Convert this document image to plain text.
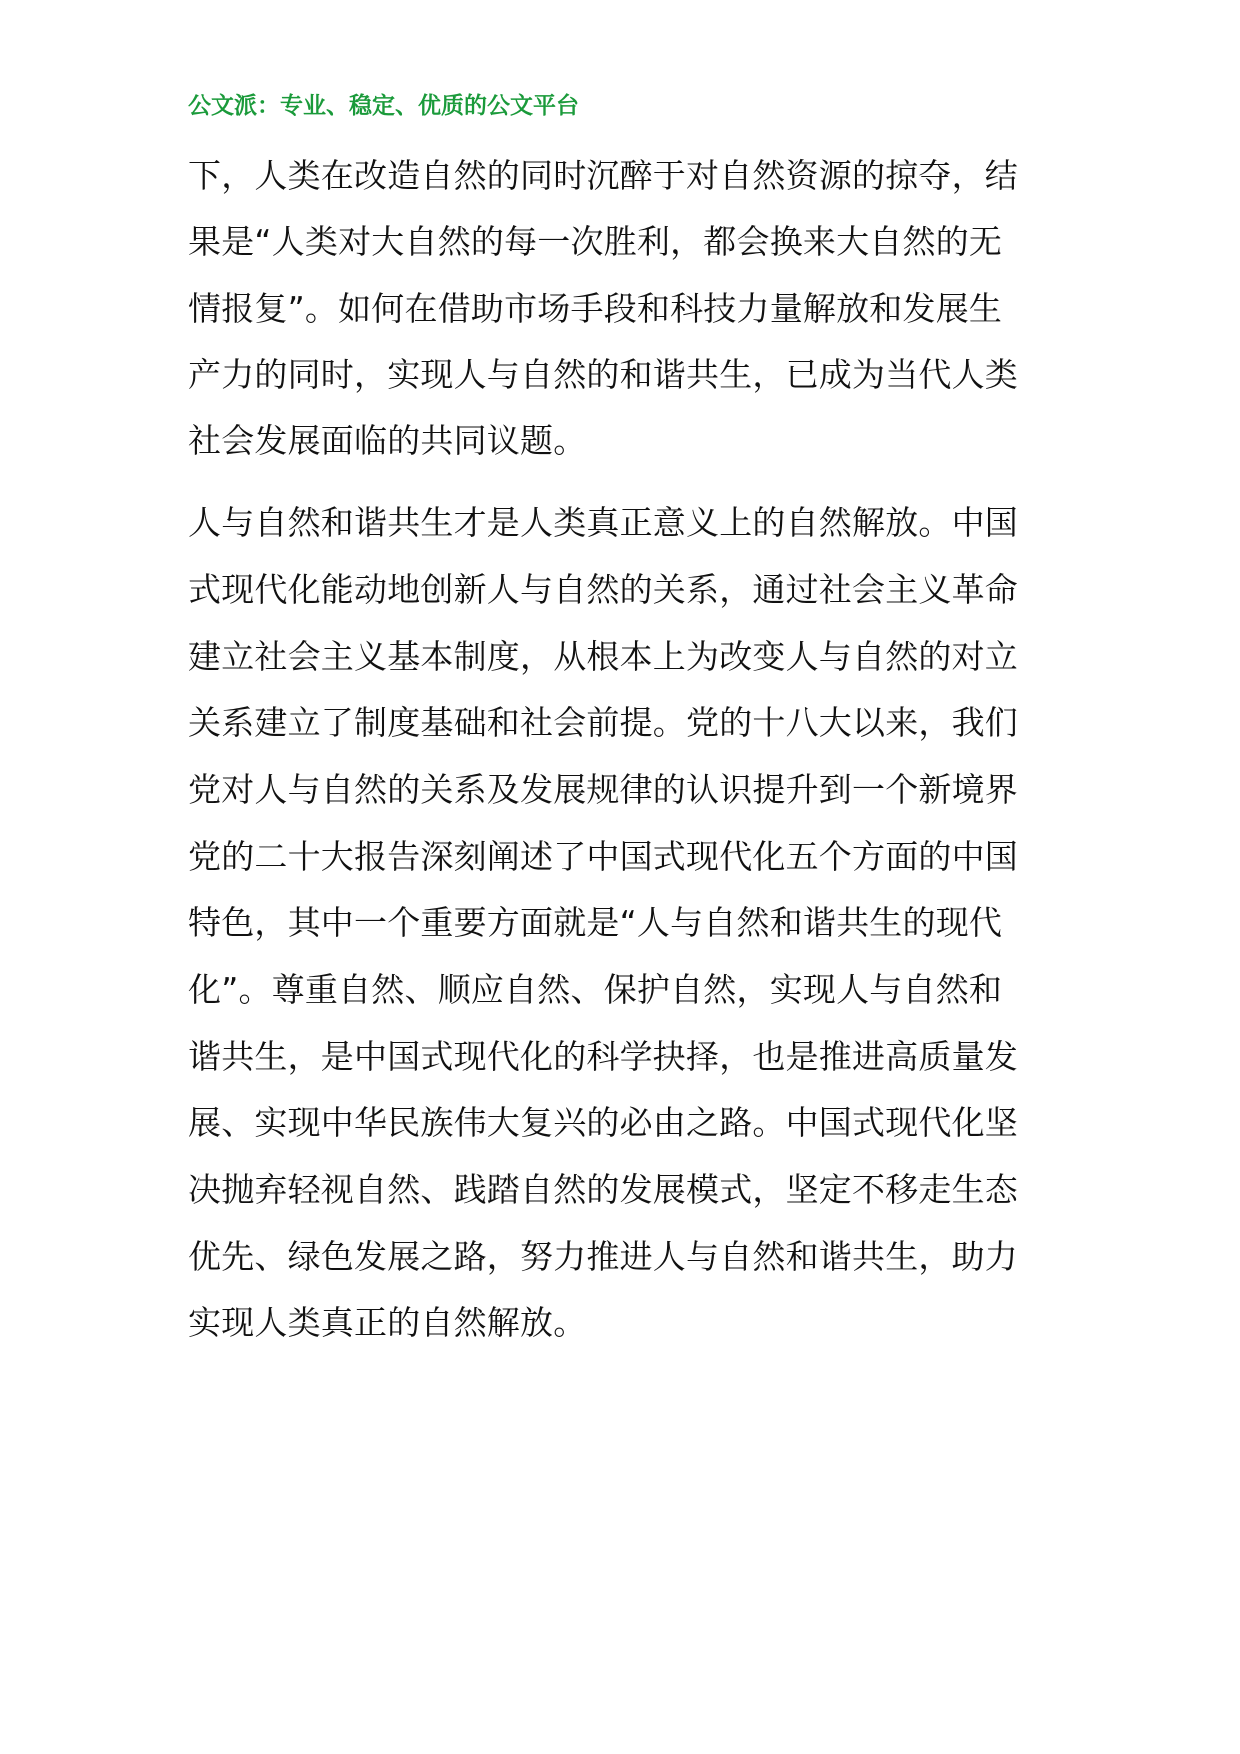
公文派：专业、稳定、优质的公文平台
下，人类在改造自然的同时沉醉于对自然资源的掠夺，结
果是“人类对大自然的每一次胜利，都会换来大自然的无
情报复”。如何在借助市场手段和科技力量解放和发展生
产力的同时，实现人与自然的和谐共生，已成为当代人类
社会发展面临的共同议题。
人与自然和谐共生才是人类真正意义上的自然解放。中国
式现代化能动地创新人与自然的关系，通过社会主义革命
建立社会主义基本制度，从根本上为改变人与自然的对立
关系建立了制度基础和社会前提。党的十八大以来，我们
党对人与自然的关系及发展规律的认识提升到一个新境界
党的二十大报告深刻阐述了中国式现代化五个方面的中国
特色，其中一个重要方面就是“人与自然和谐共生的现代
化”。尊重自然、顺应自然、保护自然，实现人与自然和
谐共生，是中国式现代化的科学抉择，也是推进高质量发
展、实现中华民族伟大复兴的必由之路。中国式现代化坚
决抛弃轻视自然、践踏自然的发展模式，坚定不移走生态
优先、绿色发展之路，努力推进人与自然和谐共生，助力
实现人类真正的自然解放。
